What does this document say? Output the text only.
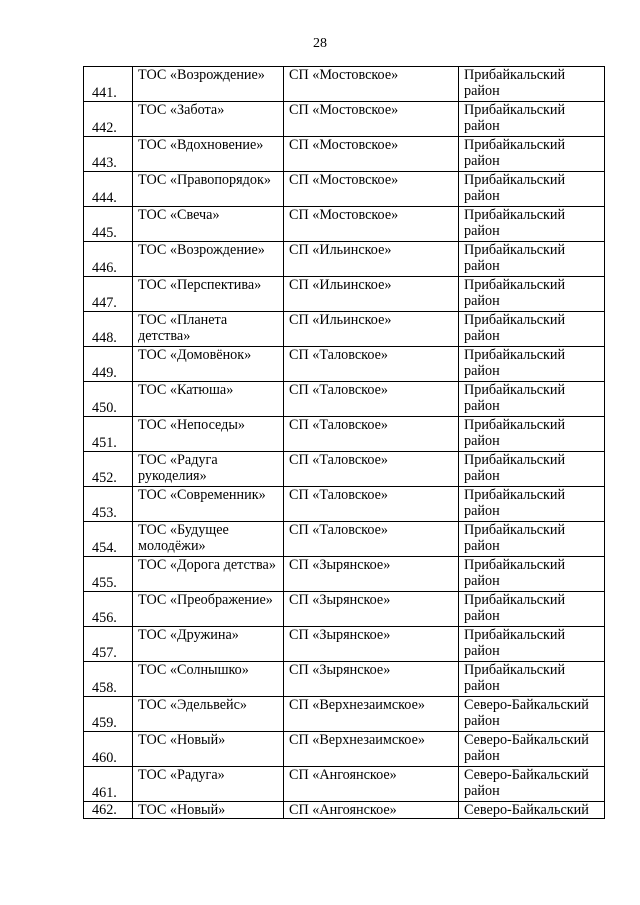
28
441.	ТОС «Возрождение»	СП «Мостовское»	Прибайкальский район
442.	ТОС «Забота»	СП «Мостовское»	Прибайкальский район
443.	ТОС «Вдохновение»	СП «Мостовское»	Прибайкальский район
444.	ТОС «Правопорядок»	СП «Мостовское»	Прибайкальский район
445.	ТОС «Свеча»	СП «Мостовское»	Прибайкальский район
446.	ТОС «Возрождение»	СП «Ильинское»	Прибайкальский район
447.	ТОС «Перспектива»	СП «Ильинское»	Прибайкальский район
448.	ТОС «Планета детства»	СП «Ильинское»	Прибайкальский район
449.	ТОС «Домовёнок»	СП «Таловское»	Прибайкальский район
450.	ТОС «Катюша»	СП «Таловское»	Прибайкальский район
451.	ТОС «Непоседы»	СП «Таловское»	Прибайкальский район
452.	ТОС «Радуга рукоделия»	СП «Таловское»	Прибайкальский район
453.	ТОС «Современник»	СП «Таловское»	Прибайкальский район
454.	ТОС «Будущее молодёжи»	СП «Таловское»	Прибайкальский район
455.	ТОС «Дорога детства»	СП «Зырянское»	Прибайкальский район
456.	ТОС «Преображение»	СП «Зырянское»	Прибайкальский район
457.	ТОС «Дружина»	СП «Зырянское»	Прибайкальский район
458.	ТОС «Солнышко»	СП «Зырянское»	Прибайкальский район
459.	ТОС «Эдельвейс»	СП «Верхнезаимское»	Северо-Байкальский район
460.	ТОС «Новый»	СП «Верхнезаимское»	Северо-Байкальский район
461.	ТОС «Радуга»	СП «Ангоянское»	Северо-Байкальский район
462.	ТОС «Новый»	СП «Ангоянское»	Северо-Байкальский
